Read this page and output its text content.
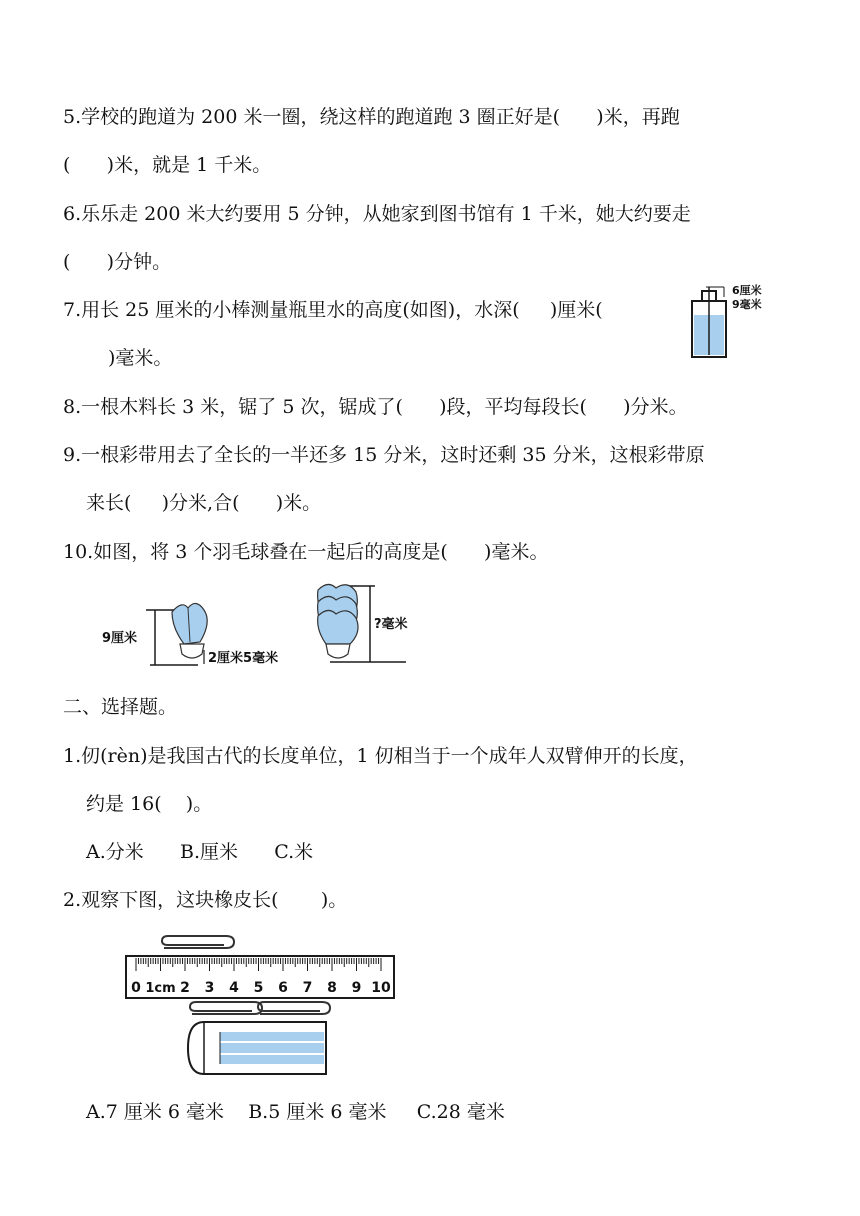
5.学校的跑道为 200 米一圈，绕这样的跑道跑 3 圈正好是(      )米，再跑
(      )米，就是 1 千米。
6.乐乐走 200 米大约要用 5 分钟，从她家到图书馆有 1 千米，她大约要走
(      )分钟。
7.用长 25 厘米的小棒测量瓶里水的高度(如图)，水深(     )厘米(
)毫米。
6厘米
9毫米
8.一根木料长 3 米，锯了 5 次，锯成了(      )段，平均每段长(      )分米。
9.一根彩带用去了全长的一半还多 15 分米，这时还剩 35 分米，这根彩带原
来长(     )分米,合(      )米。
10.如图，将 3 个羽毛球叠在一起后的高度是(      )毫米。
9厘米
2厘米5毫米
?毫米
二、选择题。
1.仞(rèn)是我国古代的长度单位，1 仞相当于一个成年人双臂伸开的长度，
约是 16(    )。
A.分米      B.厘米      C.米
2.观察下图，这块橡皮长(       )。
0 1cm 2 3 4 5 6 7 8 9 10
A.7 厘米 6 毫米    B.5 厘米 6 毫米     C.28 毫米
